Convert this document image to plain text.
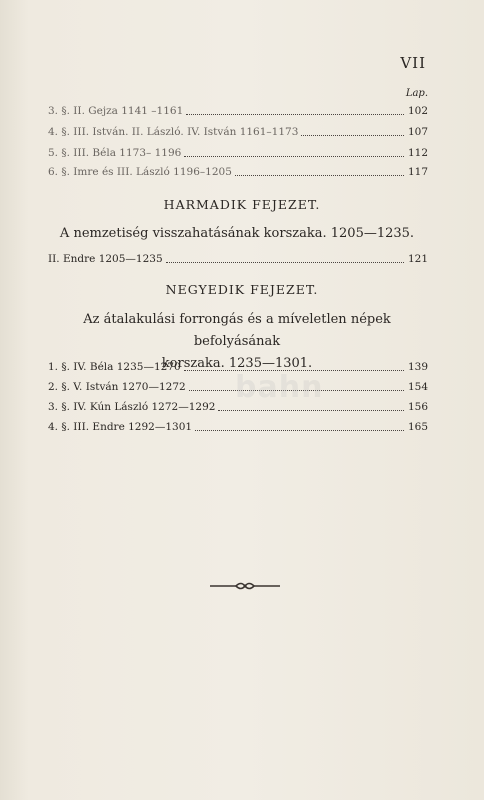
VII
Lap.
3. §. II. Gejza 1141 –1161	102
4. §. III. István. II. László. IV. István 1161–1173	107
5. §. III. Béla 1173– 1196	112
6. §. Imre és III. László 1196–1205	117
HARMADIK FEJEZET.
A nemzetiség visszahatásának korszaka. 1205—1235.
II. Endre 1205—1235	121
NEGYEDIK FEJEZET.
Az átalakulási forrongás és a míveletlen népek befolyásának
korszaka. 1235—1301.
1. §. IV. Béla 1235—1270	139
2. §. V. István 1270—1272	154
3. §. IV. Kún László 1272—1292	156
4. §. III. Endre 1292—1301	165
bahn
